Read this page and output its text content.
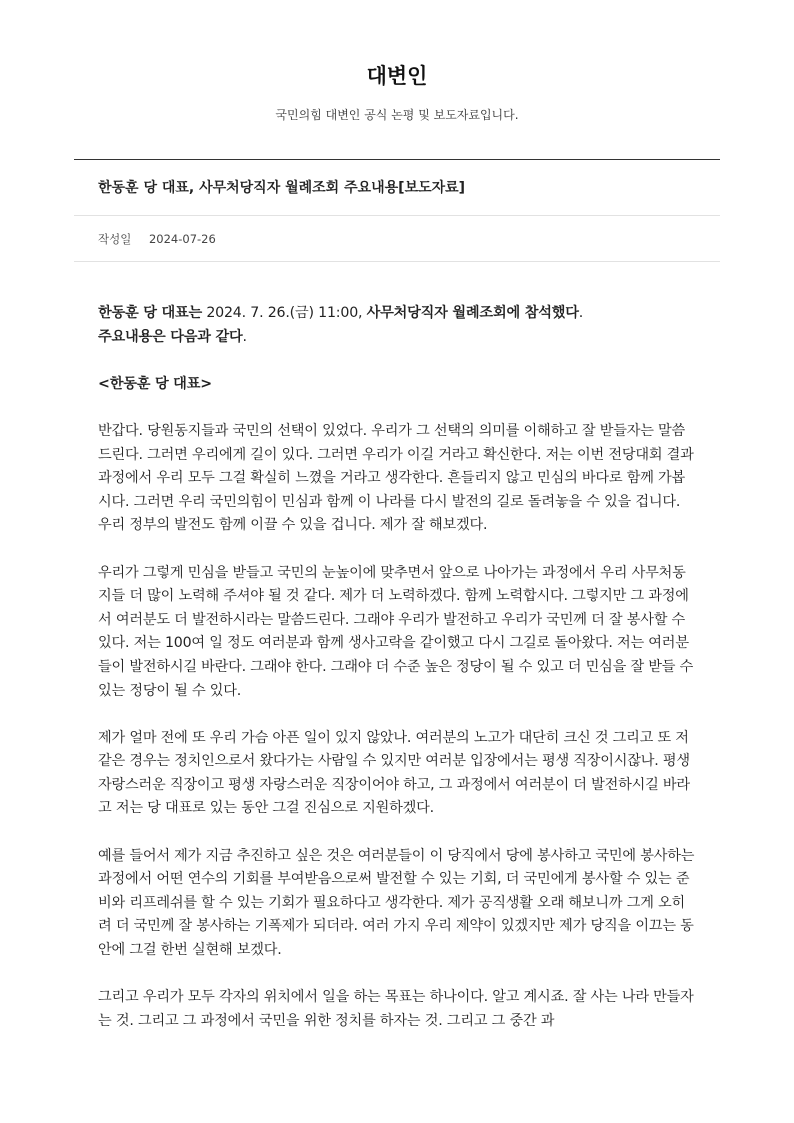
대변인
국민의힘 대변인 공식 논평 및 보도자료입니다.
한동훈 당 대표, 사무처당직자 월례조회 주요내용[보도자료]
작성일 2024-07-26

한동훈 당 대표는 2024. 7. 26.(금) 11:00, 사무처당직자 월례조회에 참석했다.
주요내용은 다음과 같다.

<한동훈 당 대표>

반갑다. 당원동지들과 국민의 선택이 있었다. 우리가 그 선택의 의미를 이해하고 잘 받들자는 말씀드린다. 그러면 우리에게 길이 있다. 그러면 우리가 이길 거라고 확신한다. 저는 이번 전당대회 결과 과정에서 우리 모두 그걸 확실히 느꼈을 거라고 생각한다. 흔들리지 않고 민심의 바다로 함께 가봅시다. 그러면 우리 국민의힘이 민심과 함께 이 나라를 다시 발전의 길로 돌려놓을 수 있을 겁니다. 우리 정부의 발전도 함께 이끌 수 있을 겁니다. 제가 잘 해보겠다.

우리가 그렇게 민심을 받들고 국민의 눈높이에 맞추면서 앞으로 나아가는 과정에서 우리 사무처동지들 더 많이 노력해 주셔야 될 것 같다. 제가 더 노력하겠다. 함께 노력합시다. 그렇지만 그 과정에서 여러분도 더 발전하시라는 말씀드린다. 그래야 우리가 발전하고 우리가 국민께 더 잘 봉사할 수 있다. 저는 100여 일 정도 여러분과 함께 생사고락을 같이했고 다시 그길로 돌아왔다. 저는 여러분들이 발전하시길 바란다. 그래야 한다. 그래야 더 수준 높은 정당이 될 수 있고 더 민심을 잘 받들 수 있는 정당이 될 수 있다.

제가 얼마 전에 또 우리 가슴 아픈 일이 있지 않았나. 여러분의 노고가 대단히 크신 것 그리고 또 저 같은 경우는 정치인으로서 왔다가는 사람일 수 있지만 여러분 입장에서는 평생 직장이시잖나. 평생 자랑스러운 직장이고 평생 자랑스러운 직장이어야 하고, 그 과정에서 여러분이 더 발전하시길 바라고 저는 당 대표로 있는 동안 그걸 진심으로 지원하겠다.

예를 들어서 제가 지금 추진하고 싶은 것은 여러분들이 이 당직에서 당에 봉사하고 국민에 봉사하는 과정에서 어떤 연수의 기회를 부여받음으로써 발전할 수 있는 기회, 더 국민에게 봉사할 수 있는 준비와 리프레쉬를 할 수 있는 기회가 필요하다고 생각한다. 제가 공직생활 오래 해보니까 그게 오히려 더 국민께 잘 봉사하는 기폭제가 되더라. 여러 가지 우리 제약이 있겠지만 제가 당직을 이끄는 동안에 그걸 한번 실현해 보겠다.

그리고 우리가 모두 각자의 위치에서 일을 하는 목표는 하나이다. 알고 계시죠. 잘 사는 나라 만들자는 것. 그리고 그 과정에서 국민을 위한 정치를 하자는 것. 그리고 그 중간 과
